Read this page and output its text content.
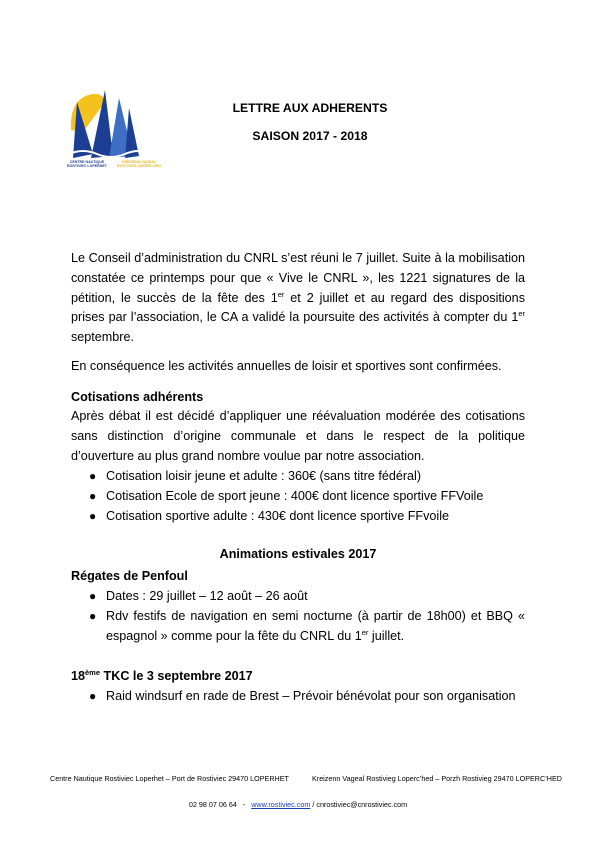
CENTRE NAUTIQUE ROSTIVIEC LOPERHET
KREIZENN VAGEAL ROSTIVIEG LOPERC'HED
LETTRE AUX ADHERENTS
SAISON 2017 - 2018

Le Conseil d’administration du CNRL s’est réuni le 7 juillet. Suite à la mobilisation constatée ce printemps pour que « Vive le CNRL », les 1221 signatures de la pétition, le succès de la fête des 1er et 2 juillet et au regard des dispositions prises par l’association, le CA a validé la poursuite des activités à compter du 1er septembre.

En conséquence les activités annuelles de loisir et sportives sont confirmées.
Cotisations adhérents
Après débat il est décidé d’appliquer une réévaluation modérée des cotisations sans distinction d’origine communale et dans le respect de la politique d’ouverture au plus grand nombre voulue par notre association.
● Cotisation loisir jeune et adulte : 360€ (sans titre fédéral)
● Cotisation Ecole de sport jeune : 400€ dont licence sportive FFVoile
● Cotisation sportive adulte : 430€ dont licence sportive FFvoile
Animations estivales 2017
Régates de Penfoul
● Dates : 29 juillet – 12 août – 26 août
● Rdv festifs de navigation en semi nocturne (à partir de 18h00) et BBQ « espagnol » comme pour la fête du CNRL du 1er juillet.
18ème TKC le 3 septembre 2017
● Raid windsurf en rade de Brest – Prévoir bénévolat pour son organisation
Centre Nautique Rostiviec Loperhet – Port de Rostiviec 29470 LOPERHET	Kreizenn Vageal Rostivieg Loperc’hed – Porzh Rostivieg 29470 LOPERC’HED
02 98 07 06 64 - www.rostiviec.com / cnrostiviec@cnrostiviec.com
